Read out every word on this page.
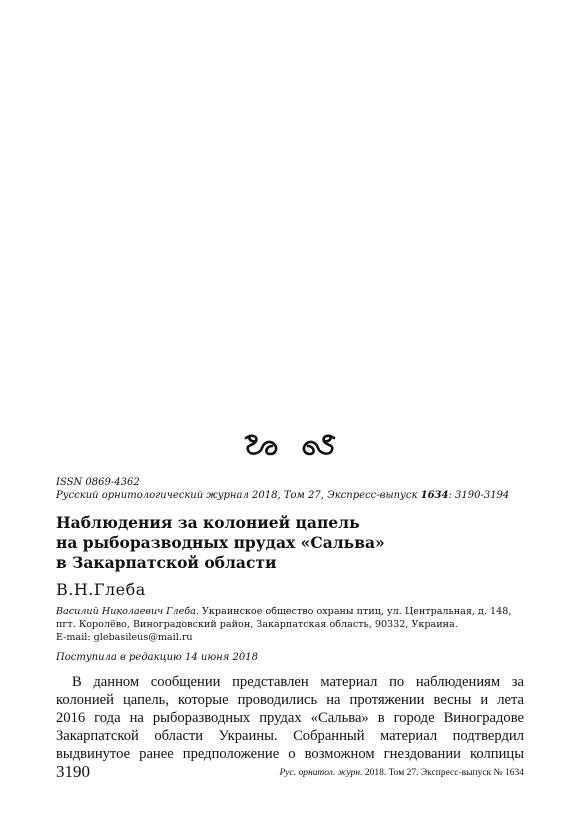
ISSN 0869-4362
Русский орнитологический журнал 2018, Том 27, Экспресс-выпуск 1634: 3190-3194
Наблюдения за колонией цапель
на рыборазводных прудах «Сальва»
в Закарпатской области
В.Н.Глеба
Василий Николаевич Глеба. Украинское общество охраны птиц, ул. Центральная, д. 148,
пгт. Королёво, Виноградовский район, Закарпатская область, 90332, Украина.
E-mail: glebasileus@mail.ru
Поступила в редакцию 14 июня 2018

В данном сообщении представлен материал по наблюдениям за
колонией цапель, которые проводились на протяжении весны и лета
2016 года на рыборазводных прудах «Сальва» в городе Виноградове
Закарпатской области Украины. Собранный материал подтвердил
выдвинутое ранее предположение о возможном гнездовании колпицы

3190	Рус. орнитол. журн. 2018. Том 27. Экспресс-выпуск № 1634
